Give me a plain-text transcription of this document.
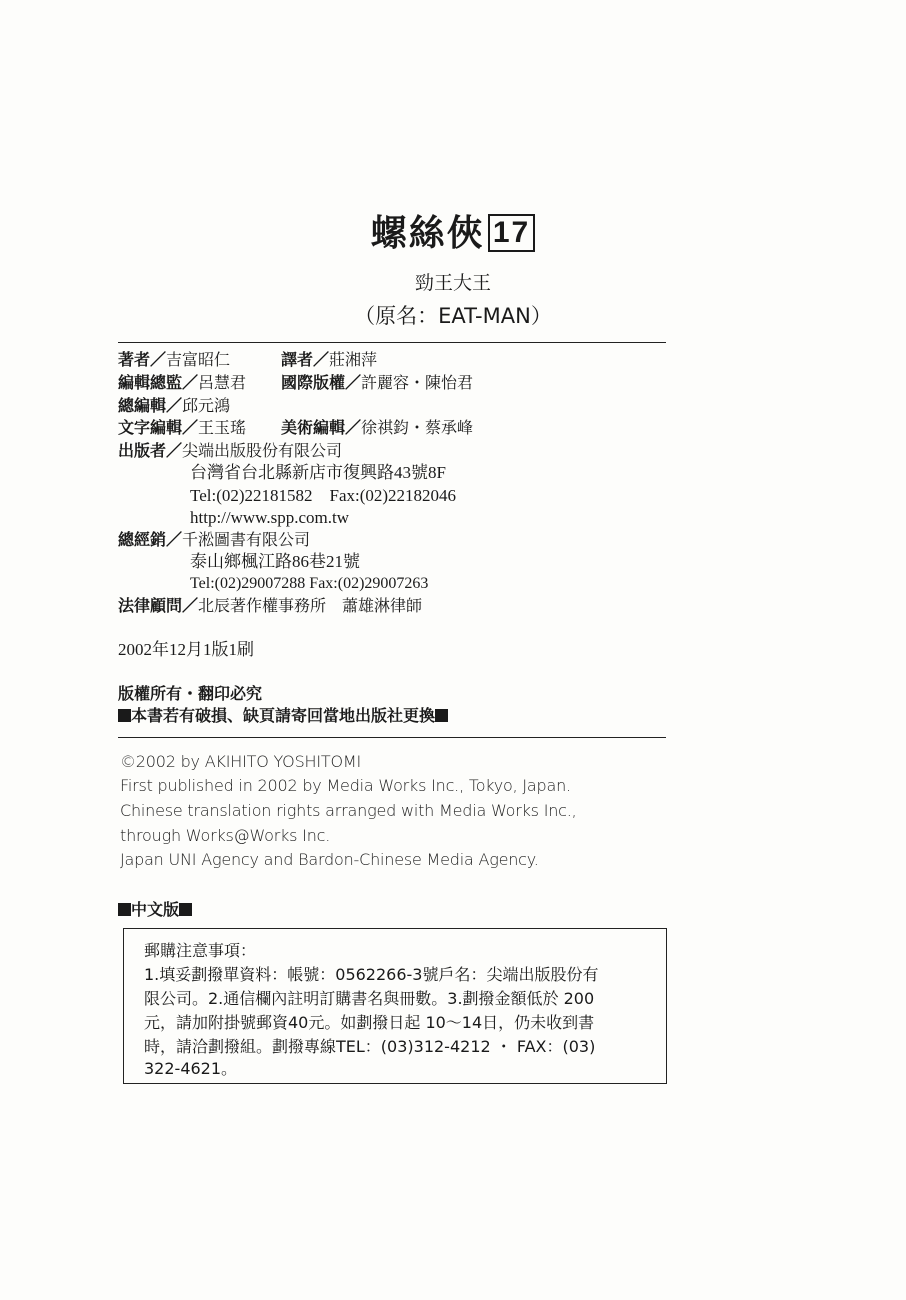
螺絲俠 17
勁王大王
（原名：EAT-MAN）
著者／吉富昭仁	譯者／莊湘萍
編輯總監／呂慧君 國際版權／許麗容・陳怡君
總編輯／邱元鴻
文字編輯／王玉瑤 美術編輯／徐祺鈞・蔡承峰
出版者／尖端出版股份有限公司
台灣省台北縣新店市復興路43號8F
Tel:(02)22181582　Fax:(02)22182046
http://www.spp.com.tw
總經銷／千淞圖書有限公司
泰山鄉楓江路86巷21號
Tel:(02)29007288 Fax:(02)29007263
法律顧問／北辰著作權事務所　蕭雄淋律師
2002年12月1版1刷
版權所有・翻印必究
本書若有破損、缺頁請寄回當地出版社更換
©2002 by AKIHITO YOSHITOMI
First published in 2002 by Media Works Inc., Tokyo, Japan.
Chinese translation rights arranged with Media Works Inc.,
through Works@Works Inc.
Japan UNI Agency and Bardon-Chinese Media Agency.
中文版
郵購注意事項：
1.填妥劃撥單資料：帳號：0562266-3號戶名：尖端出版股份有
限公司。2.通信欄內註明訂購書名與冊數。3.劃撥金額低於 200
元，請加附掛號郵資40元。如劃撥日起 10～14日，仍未收到書
時，請洽劃撥組。劃撥專線TEL：(03)312-4212 ・ FAX：(03)
322-4621。
